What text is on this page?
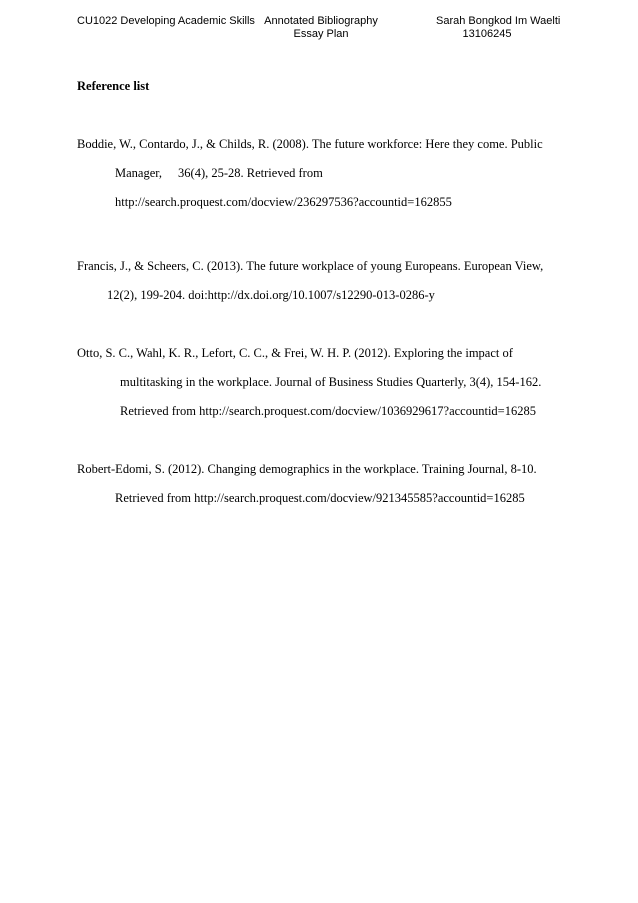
CU1022 Developing Academic Skills Annotated Bibliography
Essay Plan
Sarah Bongkod Im Waelti
13106245
Reference list
Boddie, W., Contardo, J., & Childs, R. (2008). The future workforce: Here they come. Public
Manager, 36(4), 25-28. Retrieved from
http://search.proquest.com/docview/236297536?accountid=162855
Francis, J., & Scheers, C. (2013). The future workplace of young Europeans. European View,
12(2), 199-204. doi:http://dx.doi.org/10.1007/s12290-013-0286-y
Otto, S. C., Wahl, K. R., Lefort, C. C., & Frei, W. H. P. (2012). Exploring the impact of
multitasking in the workplace. Journal of Business Studies Quarterly, 3(4), 154-162.
Retrieved from http://search.proquest.com/docview/1036929617?accountid=16285
Robert-Edomi, S. (2012). Changing demographics in the workplace. Training Journal, 8-10.
Retrieved from http://search.proquest.com/docview/921345585?accountid=16285
